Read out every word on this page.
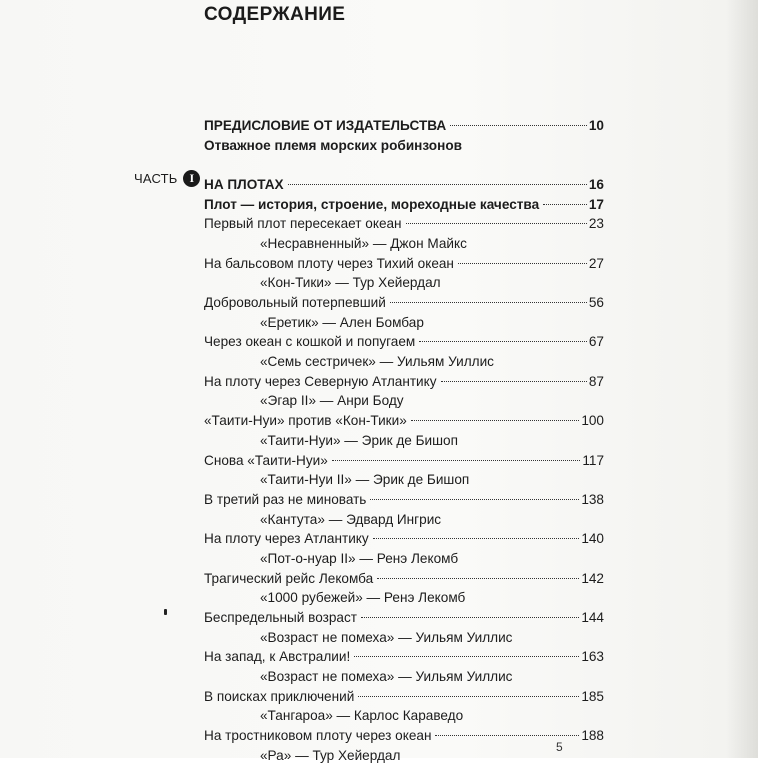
СОДЕРЖАНИЕ
ЧАСТЬ	I
ПРЕДИСЛОВИЕ ОТ ИЗДАТЕЛЬСТВА	10
Отважное племя морских робинзонов
НА ПЛОТАХ	16
Плот — история, строение, мореходные качества	17
Первый плот пересекает океан	23
«Несравненный» — Джон Майкс
На бальсовом плоту через Тихий океан	27
«Кон-Тики» — Тур Хейердал
Добровольный потерпевший	56
«Еретик» — Ален Бомбар
Через океан с кошкой и попугаем	67
«Семь сестричек» — Уильям Уиллис
На плоту через Северную Атлантику	87
«Эгар II» — Анри Боду
«Таити-Нуи» против «Кон-Тики»	100
«Таити-Нуи» — Эрик де Бишоп
Снова «Таити-Нуи»	117
«Таити-Нуи II» — Эрик де Бишоп
В третий раз не миновать	138
«Кантута» — Эдвард Ингрис
На плоту через Атлантику	140
«Пот-о-нуар II» — Ренэ Лекомб
Трагический рейс Лекомба	142
«1000 рубежей» — Ренэ Лекомб
Беспредельный возраст	144
«Возраст не помеха» — Уильям Уиллис
На запад, к Австралии!	163
«Возраст не помеха» — Уильям Уиллис
В поисках приключений	185
«Тангароа» — Карлос Караведо
На тростниковом плоту через океан	188
«Ра» — Тур Хейердал
5
